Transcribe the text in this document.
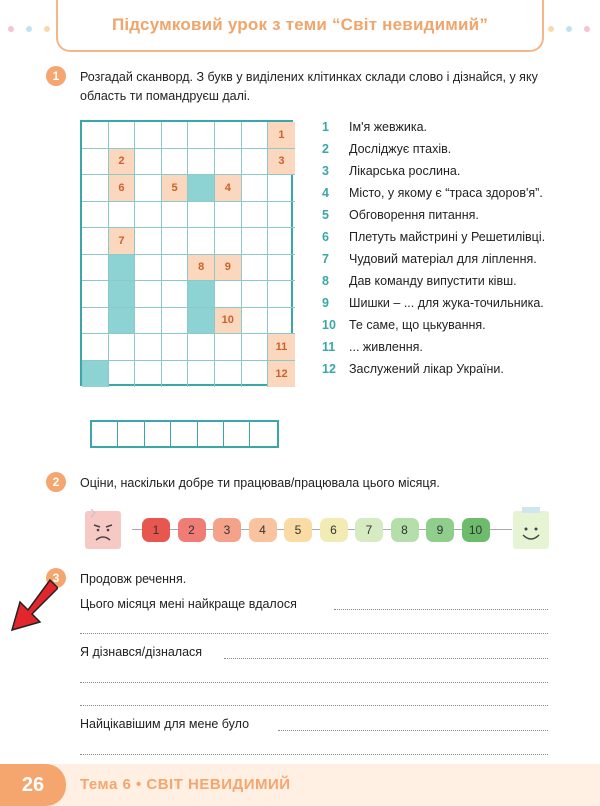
Підсумковий урок з теми “Світ невидимий”
1	Розгадай сканворд. З букв у виділених клітинках склади слово і дізнайся, у яку область ти помандруєш далі.
1
2	3
6	5	4
7
8	9
10
11
12
1	Ім'я жевжика.
2	Досліджує птахів.
3	Лікарська рослина.
4	Місто, у якому є “траса здоров'я”.
5	Обговорення питання.
6	Плетуть майстрині у Решетилівці.
7	Чудовий матеріал для ліплення.
8	Дав команду випустити ківш.
9	Шишки – ... для жука-точильника.
10	Те саме, що цькування.
11	... живлення.
12	Заслужений лікар України.
2	Оціни, наскільки добре ти працював/працювала цього місяця.
1	2	3	4	5	6	7	8	9	10
3	Продовж речення.
Цього місяця мені найкраще вдалося
Я дізнався/дізналася
Найцікавішим для мене було
26	Тема 6 • СВІТ НЕВИДИМИЙ
